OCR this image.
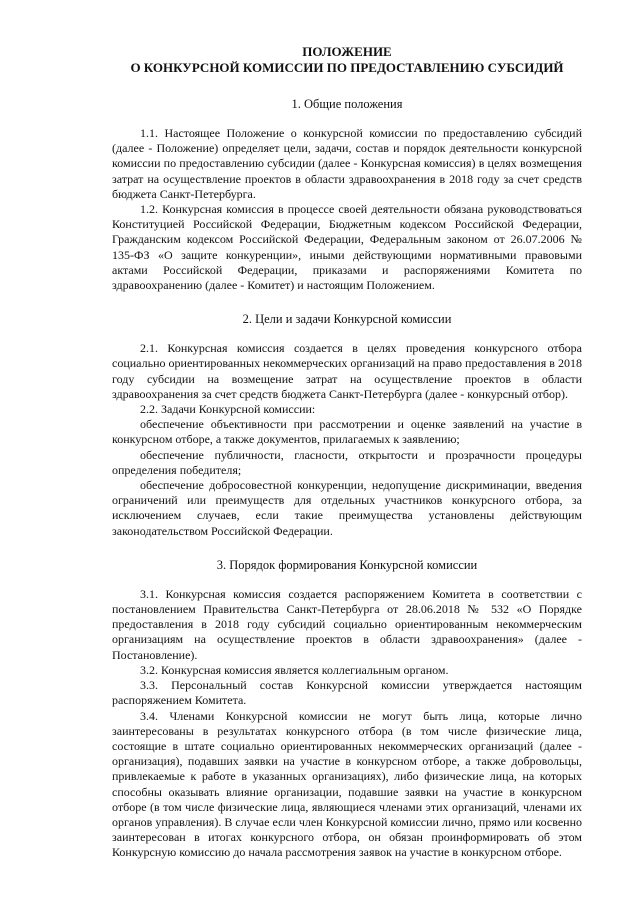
ПОЛОЖЕНИЕ

О КОНКУРСНОЙ КОМИССИИ ПО ПРЕДОСТАВЛЕНИЮ СУБСИДИЙ

1. Общие положения

1.1. Настоящее Положение о конкурсной комиссии по предоставлению субсидий (далее - Положение) определяет цели, задачи, состав и порядок деятельности конкурсной комиссии по предоставлению субсидии (далее - Конкурсная комиссия) в целях возмещения затрат на осуществление проектов в области здравоохранения в 2018 году за счет средств бюджета Санкт-Петербурга.

1.2. Конкурсная комиссия в процессе своей деятельности обязана руководствоваться Конституцией Российской Федерации, Бюджетным кодексом Российской Федерации, Гражданским кодексом Российской Федерации, Федеральным законом от 26.07.2006 № 135-ФЗ «О защите конкуренции», иными действующими нормативными правовыми актами Российской Федерации, приказами и распоряжениями Комитета по здравоохранению (далее - Комитет) и настоящим Положением.

2. Цели и задачи Конкурсной комиссии

2.1. Конкурсная комиссия создается в целях проведения конкурсного отбора социально ориентированных некоммерческих организаций на право предоставления в 2018 году субсидии на возмещение затрат на осуществление проектов в области здравоохранения за счет средств бюджета Санкт-Петербурга (далее - конкурсный отбор).

2.2. Задачи Конкурсной комиссии:

обеспечение объективности при рассмотрении и оценке заявлений на участие в конкурсном отборе, а также документов, прилагаемых к заявлению;

обеспечение публичности, гласности, открытости и прозрачности процедуры определения победителя;

обеспечение добросовестной конкуренции, недопущение дискриминации, введения ограничений или преимуществ для отдельных участников конкурсного отбора, за исключением случаев, если такие преимущества установлены действующим законодательством Российской Федерации.

3. Порядок формирования Конкурсной комиссии

3.1. Конкурсная комиссия создается распоряжением Комитета в соответствии с постановлением Правительства Санкт-Петербурга от 28.06.2018 № 532 «О Порядке предоставления в 2018 году субсидий социально ориентированным некоммерческим организациям на осуществление проектов в области здравоохранения» (далее - Постановление).

3.2. Конкурсная комиссия является коллегиальным органом.

3.3. Персональный состав Конкурсной комиссии утверждается настоящим распоряжением Комитета.

3.4. Членами Конкурсной комиссии не могут быть лица, которые лично заинтересованы в результатах конкурсного отбора (в том числе физические лица, состоящие в штате социально ориентированных некоммерческих организаций (далее - организация), подавших заявки на участие в конкурсном отборе, а также добровольцы, привлекаемые к работе в указанных организациях), либо физические лица, на которых способны оказывать влияние организации, подавшие заявки на участие в конкурсном отборе (в том числе физические лица, являющиеся членами этих организаций, членами их органов управления). В случае если член Конкурсной комиссии лично, прямо или косвенно заинтересован в итогах конкурсного отбора, он обязан проинформировать об этом Конкурсную комиссию до начала рассмотрения заявок на участие в конкурсном отборе.
